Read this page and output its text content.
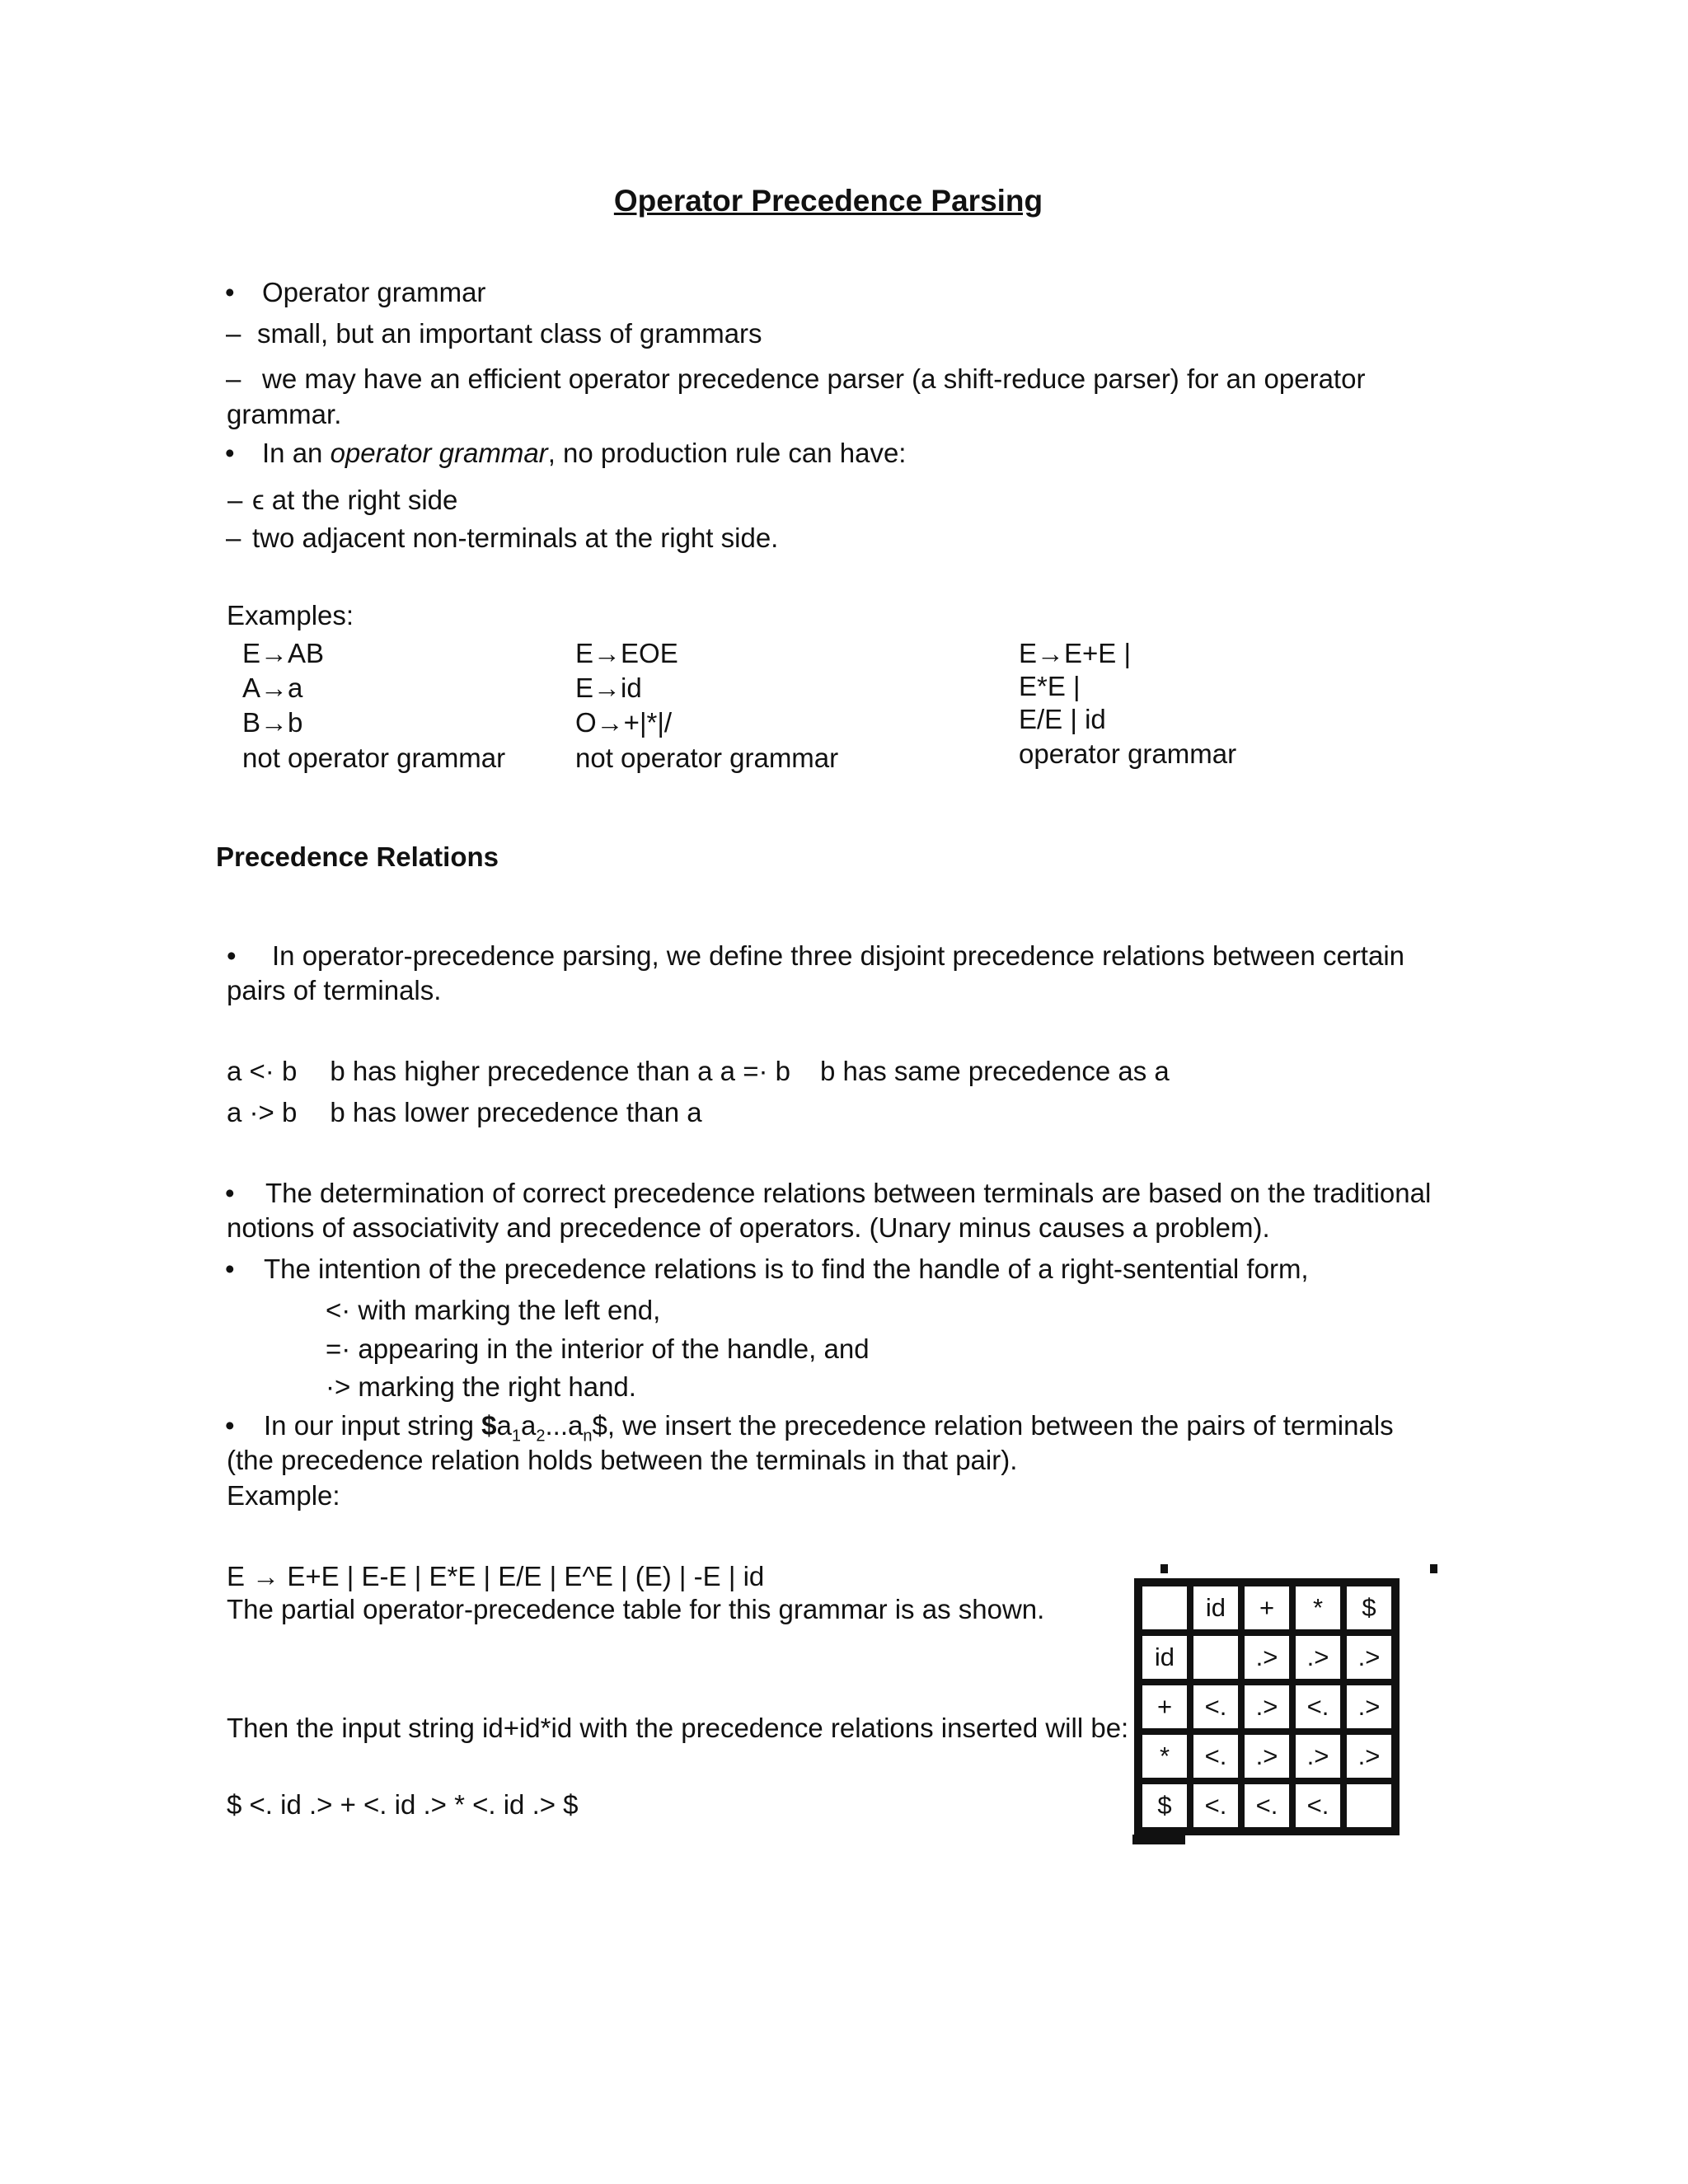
Operator Precedence Parsing
• Operator grammar
– small, but an important class of grammars
– we may have an efficient operator precedence parser (a shift-reduce parser) for an operator
grammar.
• In an operator grammar, no production rule can have:
– ϵ at the right side
– two adjacent non-terminals at the right side.
Examples:
E→AB
A→a
B→b
not operator grammar
E→EOE
E→id
O→+|*|/
not operator grammar
E→E+E |
E*E |
E/E | id
operator grammar
Precedence Relations
• In operator-precedence parsing, we define three disjoint precedence relations between certain
pairs of terminals.
a <· b b has higher precedence than a a =· b b has same precedence as a
a ·> b b has lower precedence than a
• The determination of correct precedence relations between terminals are based on the traditional
notions of associativity and precedence of operators. (Unary minus causes a problem).
• The intention of the precedence relations is to find the handle of a right-sentential form,
<· with marking the left end,
=· appearing in the interior of the handle, and
·> marking the right hand.
• In our input string $\$a_1a_2...a_n\$$, we insert the precedence relation between the pairs of terminals
(the precedence relation holds between the terminals in that pair).
Example:
E → E+E | E-E | E*E | E/E | E^E | (E) | -E | id
The partial operator-precedence table for this grammar is as shown.
Then the input string id+id*id with the precedence relations inserted will be:
$ <. id .> + <. id .> * <. id .> $
	id	+	*	$
id		.>	.>	.>
+	<.	.>	<.	.>
*	<.	.>	.>	.>
$	<.	<.	<.	
